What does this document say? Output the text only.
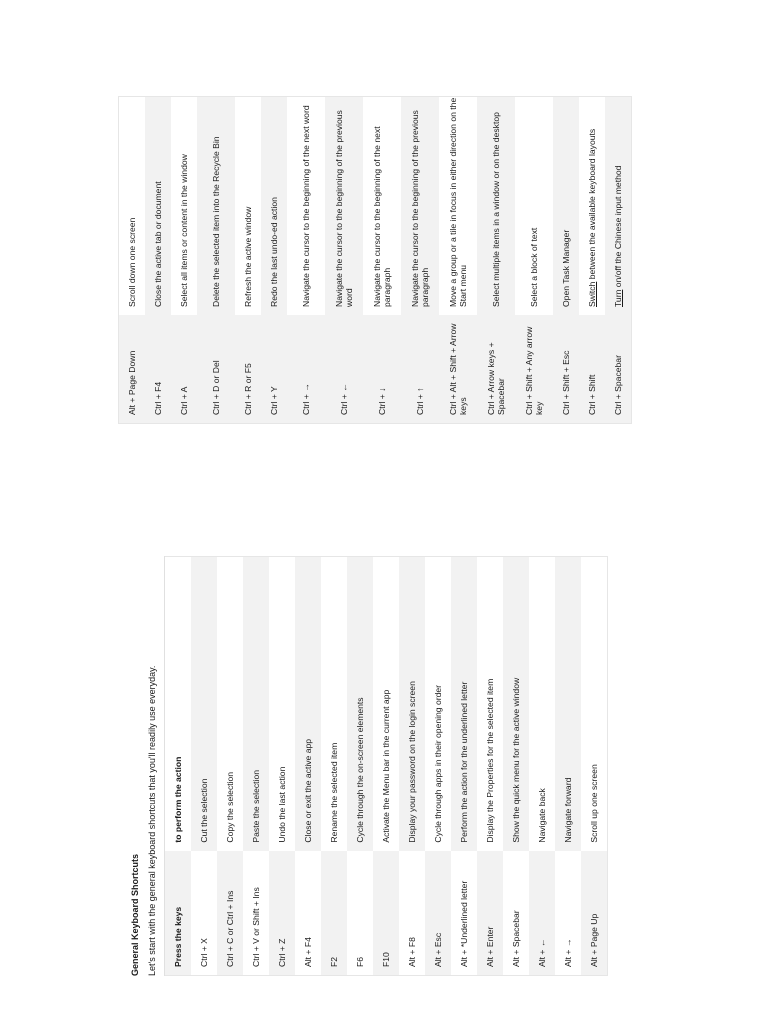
General Keyboard Shortcuts Let's start with the general keyboard shortcuts that you'll readily use everyday. Press the keys	to perform the action
Ctrl + X	Cut the selection
Ctrl + C or Ctrl + Ins	Copy the selection
Ctrl + V or Shift + Ins	Paste the selection
Ctrl + Z	Undo the last action
Alt + F4	Close or exit the active app
F2	Rename the selected item
F6	Cycle through the on-screen elements
F10	Activate the Menu bar in the current app
Alt + F8	Display your password on the login screen
Alt + Esc	Cycle through apps in their opening order
Alt + *Underlined letter	Perform the action for the underlined letter
Alt + Enter	Display the Properties for the selected item
Alt + Spacebar	Show the quick menu for the active window
Alt + ←	Navigate back
Alt + →	Navigate forward
Alt + Page Up	Scroll up one screen
Alt + Page Down	Scroll down one screen
Ctrl + F4	Close the active tab or document
Ctrl + A	Select all items or content in the window
Ctrl + D or Del	Delete the selected item into the Recycle Bin
Ctrl + R or F5	Refresh the active window
Ctrl + Y	Redo the last undo-ed action
Ctrl + →	Navigate the cursor to the beginning of the next word
Ctrl + ←	Navigate the cursor to the beginning of the previous word
Ctrl + ↓	Navigate the cursor to the beginning of the next paragraph
Ctrl + ↑	Navigate the cursor to the beginning of the previous paragraph
Ctrl + Alt + Shift + Arrow keys	Move a group or a tile in focus in either direction on the Start menu
Ctrl + Arrow keys + Spacebar	Select multiple items in a window or on the desktop
Ctrl + Shift + Any arrow key	Select a block of text
Ctrl + Shift + Esc	Open Task Manager
Ctrl + Shift	Switch between the available keyboard layouts
Ctrl + Spacebar	Turn on/off the Chinese input method
